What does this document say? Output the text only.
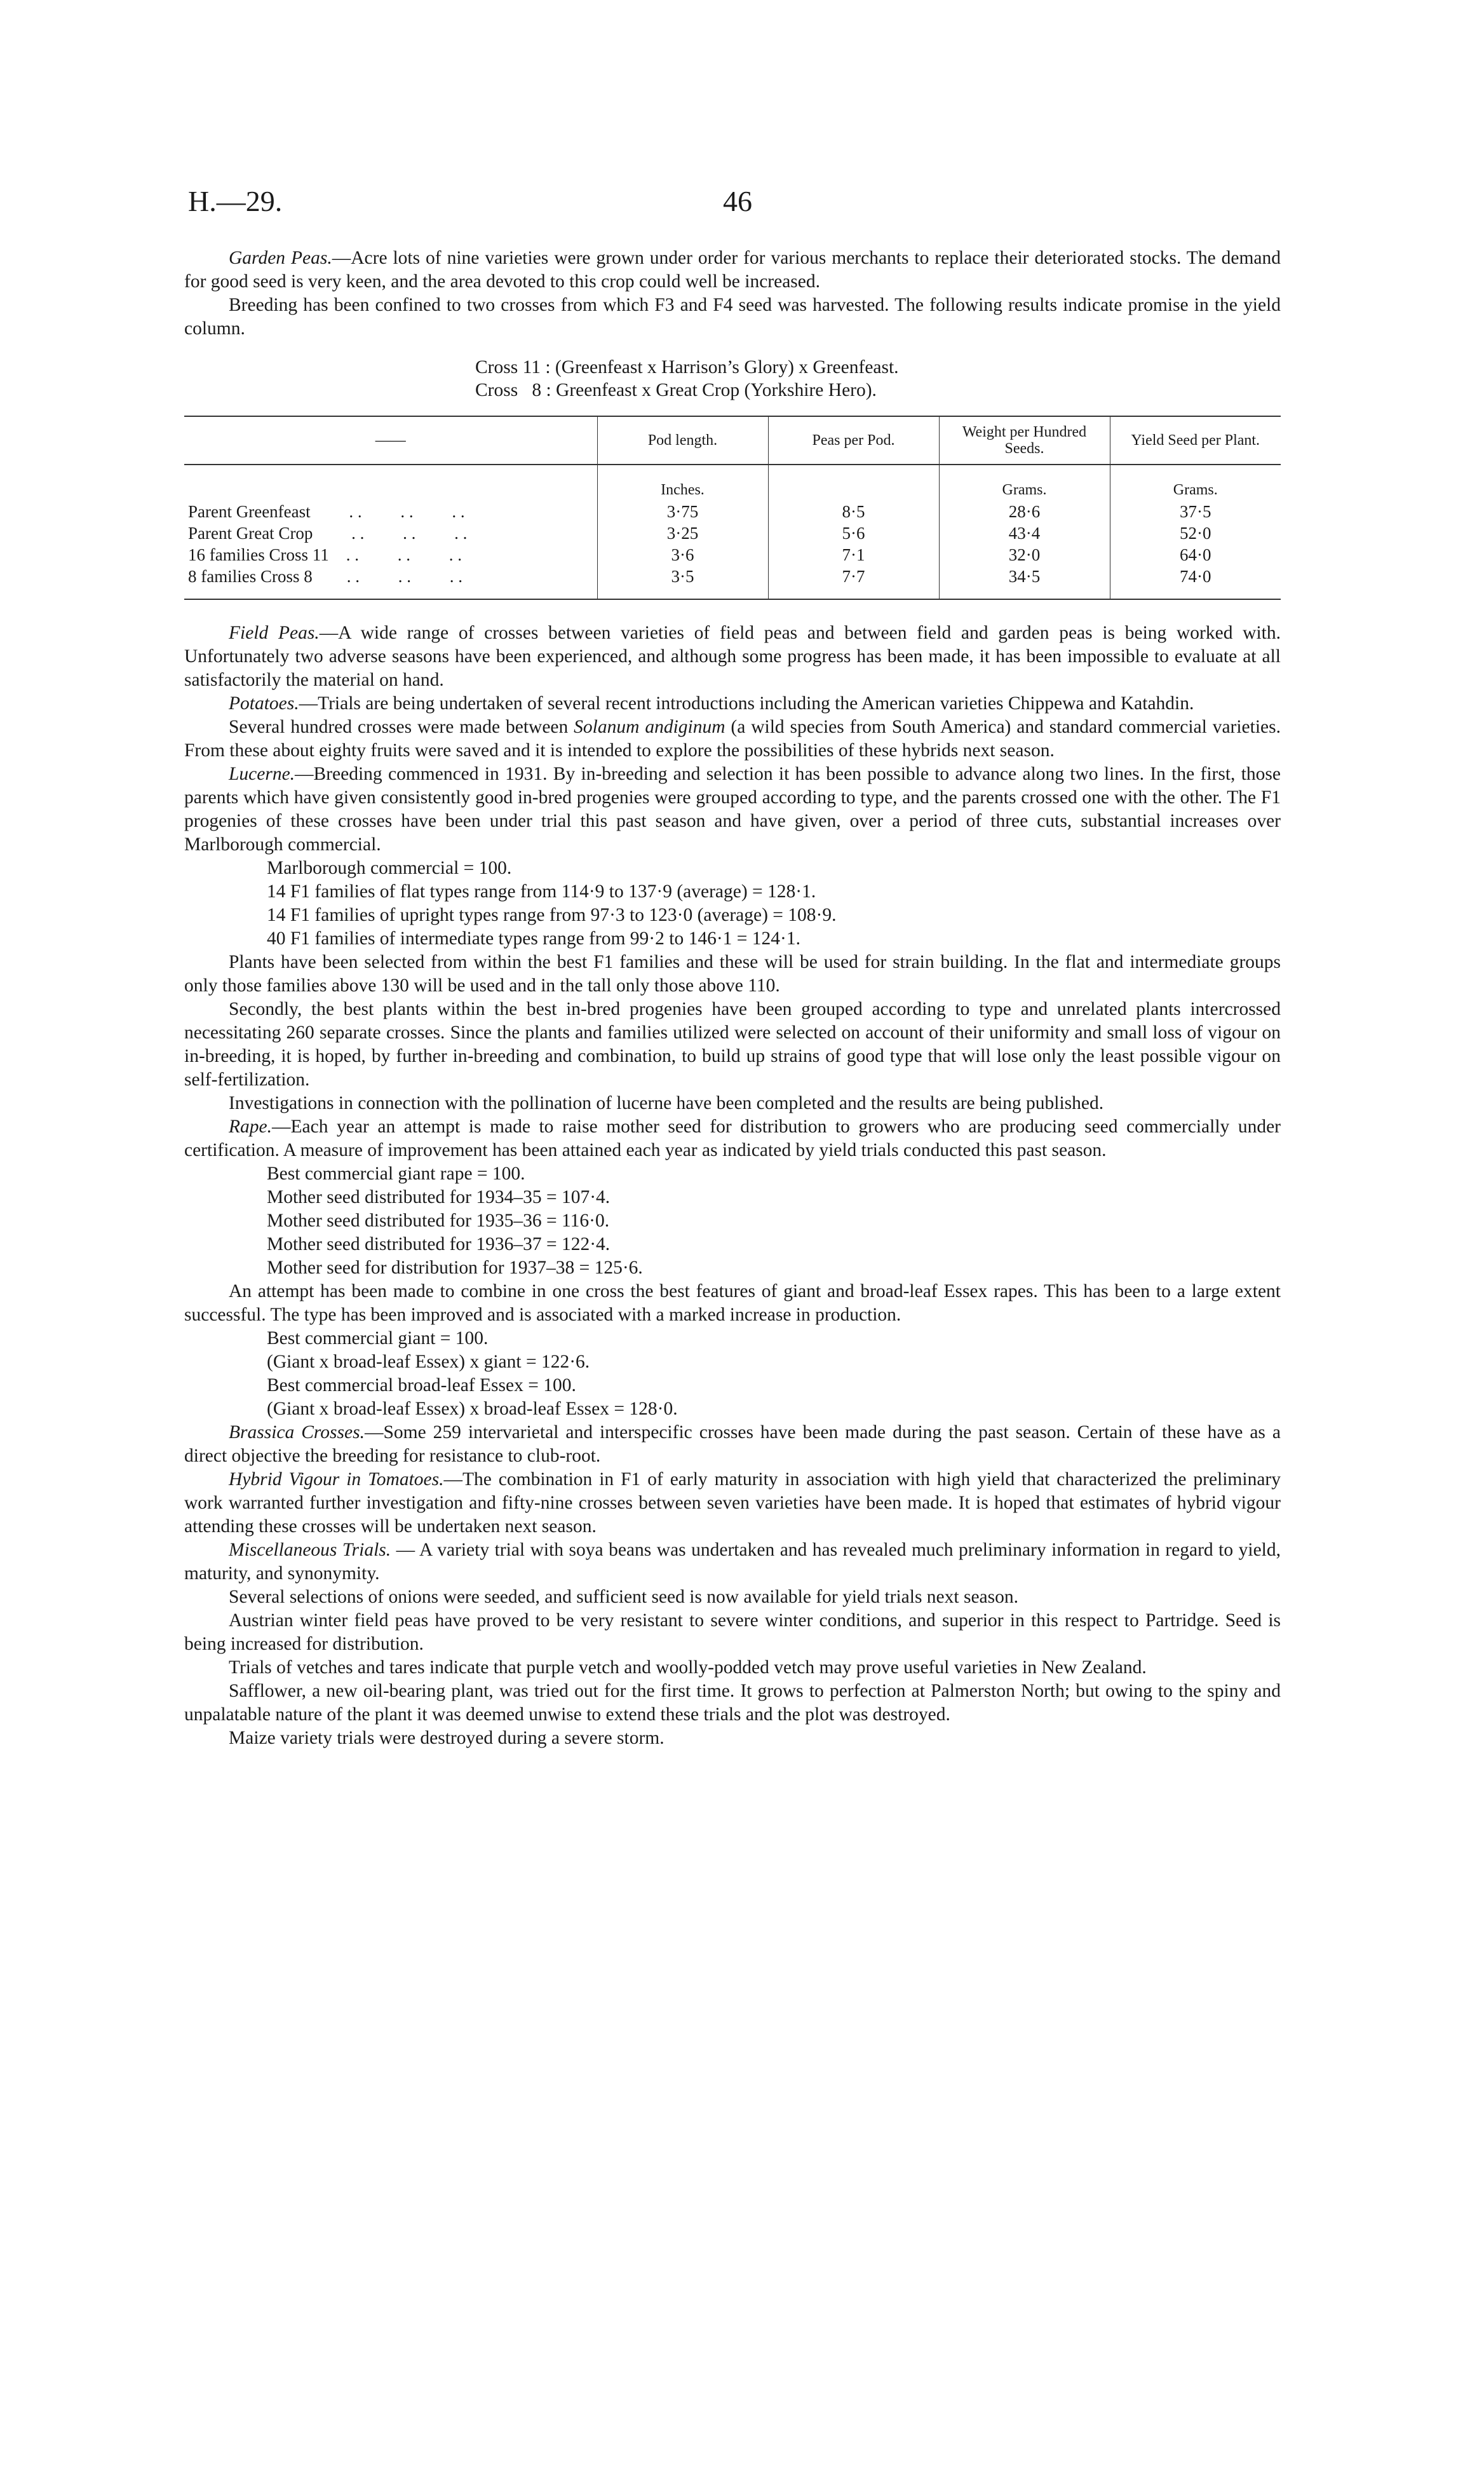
H.—29.	46

Garden Peas.—Acre lots of nine varieties were grown under order for various merchants to replace their deteriorated stocks. The demand for good seed is very keen, and the area devoted to this crop could well be increased.

Breeding has been confined to two crosses from which F3 and F4 seed was harvested. The following results indicate promise in the yield column.

Cross 11 : (Greenfeast x Harrison’s Glory) x Greenfeast.
Cross   8 : Greenfeast x Great Crop (Yorkshire Hero).
——	Pod length.	Peas per Pod.	Weight per Hundred Seeds.	Yield Seed per Plant.
	Inches.		Grams.	Grams.
Parent Greenfeast         . .         . .         . .	3·75	8·5	28·6	37·5
Parent Great Crop         . .         . .         . .	3·25	5·6	43·4	52·0
16 families Cross 11    . .         . .         . .	3·6	7·1	32·0	64·0
8 families Cross 8        . .         . .         . .	3·5	7·7	34·5	74·0

Field Peas.—A wide range of crosses between varieties of field peas and between field and garden peas is being worked with. Unfortunately two adverse seasons have been experienced, and although some progress has been made, it has been impossible to evaluate at all satisfactorily the material on hand.

Potatoes.—Trials are being undertaken of several recent introductions including the American varieties Chippewa and Katahdin.

Several hundred crosses were made between Solanum andiginum (a wild species from South America) and standard commercial varieties. From these about eighty fruits were saved and it is intended to explore the possibilities of these hybrids next season.

Lucerne.—Breeding commenced in 1931. By in-breeding and selection it has been possible to advance along two lines. In the first, those parents which have given consistently good in-bred progenies were grouped according to type, and the parents crossed one with the other. The F1 progenies of these crosses have been under trial this past season and have given, over a period of three cuts, substantial increases over Marlborough commercial.

Marlborough commercial = 100.

14 F1 families of flat types range from 114·9 to 137·9 (average) = 128·1.

14 F1 families of upright types range from 97·3 to 123·0 (average) = 108·9.

40 F1 families of intermediate types range from 99·2 to 146·1 = 124·1.

Plants have been selected from within the best F1 families and these will be used for strain building. In the flat and intermediate groups only those families above 130 will be used and in the tall only those above 110.

Secondly, the best plants within the best in-bred progenies have been grouped according to type and unrelated plants intercrossed necessitating 260 separate crosses. Since the plants and families utilized were selected on account of their uniformity and small loss of vigour on in-breeding, it is hoped, by further in-breeding and combination, to build up strains of good type that will lose only the least possible vigour on self-fertilization.

Investigations in connection with the pollination of lucerne have been completed and the results are being published.

Rape.—Each year an attempt is made to raise mother seed for distribution to growers who are producing seed commercially under certification. A measure of improvement has been attained each year as indicated by yield trials conducted this past season.

Best commercial giant rape = 100.

Mother seed distributed for 1934–35 = 107·4.

Mother seed distributed for 1935–36 = 116·0.

Mother seed distributed for 1936–37 = 122·4.

Mother seed for distribution for 1937–38 = 125·6.

An attempt has been made to combine in one cross the best features of giant and broad-leaf Essex rapes. This has been to a large extent successful. The type has been improved and is associated with a marked increase in production.

Best commercial giant = 100.

(Giant x broad-leaf Essex) x giant = 122·6.

Best commercial broad-leaf Essex = 100.

(Giant x broad-leaf Essex) x broad-leaf Essex = 128·0.

Brassica Crosses.—Some 259 intervarietal and interspecific crosses have been made during the past season. Certain of these have as a direct objective the breeding for resistance to club-root.

Hybrid Vigour in Tomatoes.—The combination in F1 of early maturity in association with high yield that characterized the preliminary work warranted further investigation and fifty-nine crosses between seven varieties have been made. It is hoped that estimates of hybrid vigour attending these crosses will be undertaken next season.

Miscellaneous Trials. — A variety trial with soya beans was undertaken and has revealed much preliminary information in regard to yield, maturity, and synonymity.

Several selections of onions were seeded, and sufficient seed is now available for yield trials next season.

Austrian winter field peas have proved to be very resistant to severe winter conditions, and superior in this respect to Partridge. Seed is being increased for distribution.

Trials of vetches and tares indicate that purple vetch and woolly-podded vetch may prove useful varieties in New Zealand.

Safflower, a new oil-bearing plant, was tried out for the first time. It grows to perfection at Palmerston North; but owing to the spiny and unpalatable nature of the plant it was deemed unwise to extend these trials and the plot was destroyed.

Maize variety trials were destroyed during a severe storm.
